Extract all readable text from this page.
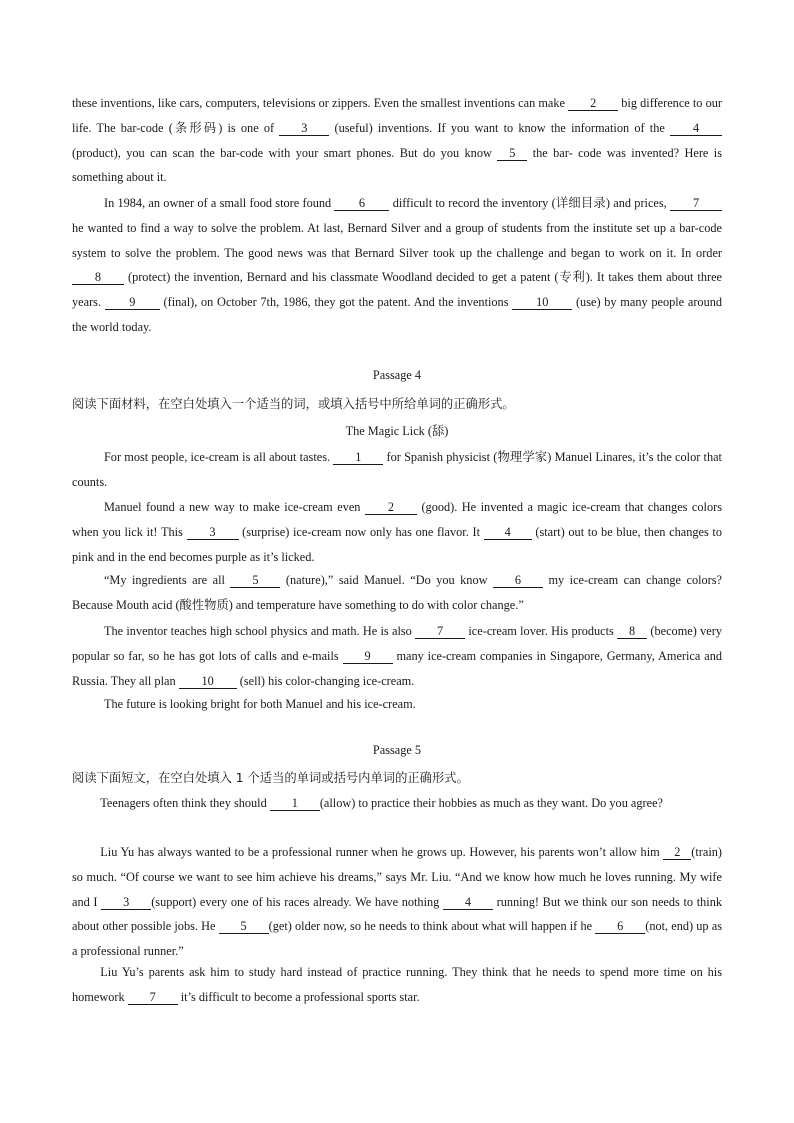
these inventions, like cars, computers, televisions or zippers. Even the smallest inventions can make 2 big difference to our life. The bar-code (条形码) is one of 3 (useful) inventions. If you want to know the information of the 4 (product), you can scan the bar-code with your smart phones. But do you know 5 the bar- code was invented? Here is something about it.

In 1984, an owner of a small food store found 6 difficult to record the inventory (详细目录) and prices, 7 he wanted to find a way to solve the problem. At last, Bernard Silver and a group of students from the institute set up a bar-code system to solve the problem. The good news was that Bernard Silver took up the challenge and began to work on it. In order 8 (protect) the invention, Bernard and his classmate Woodland decided to get a patent (专利). It takes them about three years. 9 (final), on October 7th, 1986, they got the patent. And the inventions 10 (use) by many people around the world today.

Passage 4

阅读下面材料，在空白处填入一个适当的词，或填入括号中所给单词的正确形式。

The Magic Lick (舔)

For most people, ice-cream is all about tastes. 1 for Spanish physicist (物理学家) Manuel Linares, it’s the color that counts.

Manuel found a new way to make ice-cream even 2 (good). He invented a magic ice-cream that changes colors when you lick it! This 3 (surprise) ice-cream now only has one flavor. It 4 (start) out to be blue, then changes to pink and in the end becomes purple as it’s licked.

“My ingredients are all 5 (nature),” said Manuel. “Do you know 6 my ice-cream can change colors? Because Mouth acid (酸性物质) and temperature have something to do with color change.”

The inventor teaches high school physics and math. He is also 7 ice-cream lover. His products 8 (become) very popular so far, so he has got lots of calls and e-mails 9 many ice-cream companies in Singapore, Germany, America and Russia. They all plan 10 (sell) his color-changing ice-cream.

The future is looking bright for both Manuel and his ice-cream.

Passage 5

阅读下面短文，在空白处填入 1 个适当的单词或括号内单词的正确形式。

Teenagers often think they should 1 (allow) to practice their hobbies as much as they want. Do you agree?

Liu Yu has always wanted to be a professional runner when he grows up. However, his parents won’t allow him 2 (train) so much. “Of course we want to see him achieve his dreams,” says Mr. Liu. “And we know how much he loves running. My wife and I 3 (support) every one of his races already. We have nothing 4 running! But we think our son needs to think about other possible jobs. He 5 (get) older now, so he needs to think about what will happen if he 6 (not, end) up as a professional runner.”

Liu Yu’s parents ask him to study hard instead of practice running. They think that he needs to spend more time on his homework 7 it’s difficult to become a professional sports star.
